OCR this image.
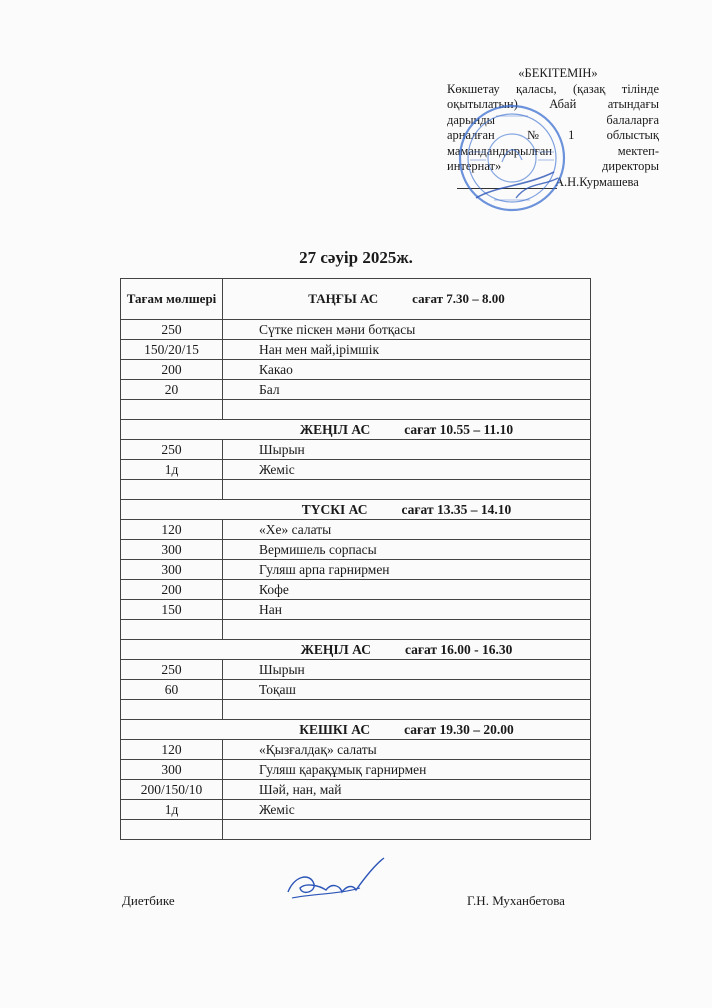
«БЕКІТЕМІН»
Көкшетау қаласы, (қазақ тілінде
оқытылатын) Абай атындағы
дарынды балаларға
арналған №1 облыстық
мамандандырылған мектеп-
интернат» директоры
А.Н.Курмашева
27 сәуір 2025ж.
Тағам мөлшері	ТАҢҒЫ АС сағат 7.30 – 8.00
250	Сүтке піскен мәни ботқасы
150/20/15	Нан мен май,ірімшік
200	Какао
20	Бал

	ЖЕҢІЛ АС сағат 10.55 – 11.10
250	Шырын
1д	Жеміс

	ТҮСКІ АС сағат 13.35 – 14.10
120	«Хе» салаты
300	Вермишель сорпасы
300	Гуляш арпа гарнирмен
200	Кофе
150	Нан

	ЖЕҢІЛ АС сағат 16.00 - 16.30
250	Шырын
60	Тоқаш

	КЕШКІ АС сағат 19.30 – 20.00
120	«Қызғалдақ» салаты
300	Гуляш қарақұмық гарнирмен
200/150/10	Шәй, нан, май
1д	Жеміс

Диетбике	Г.Н. Муханбетова
